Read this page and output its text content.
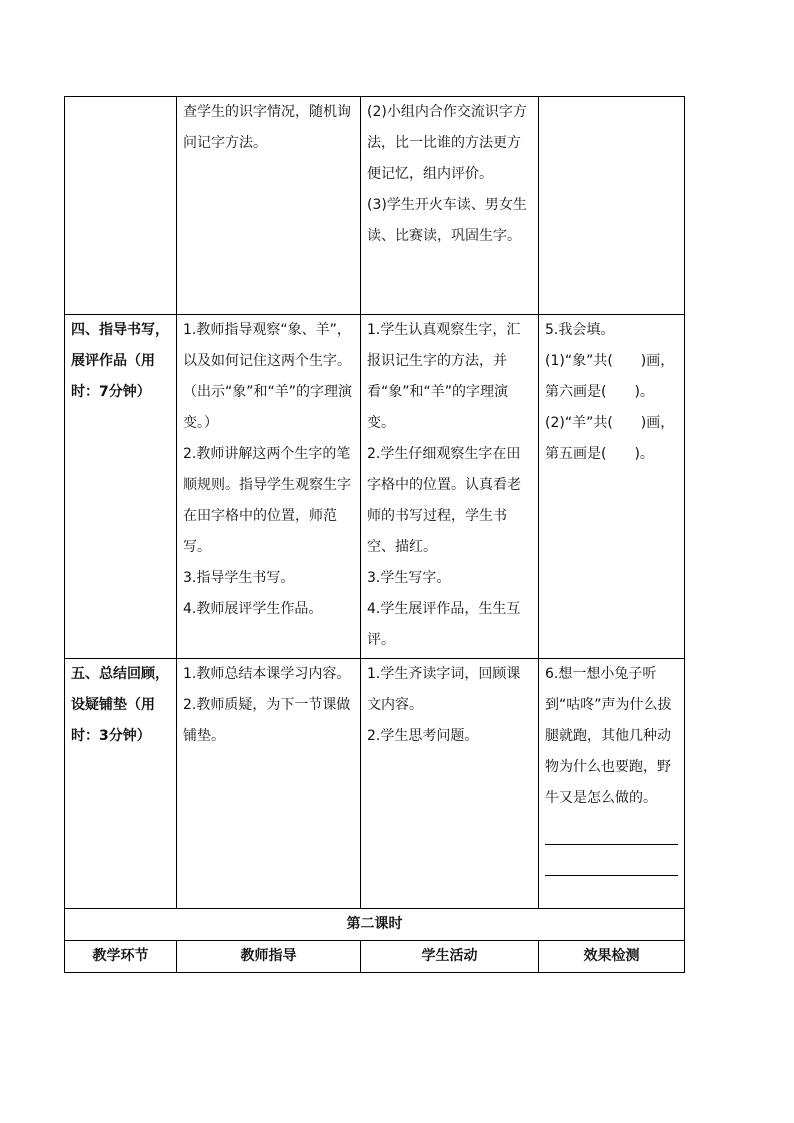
	查学生的识字情况，随机询问记字方法。	(2)小组内合作交流识字方法，比一比谁的方法更方便记忆，组内评价。
(3)学生开火车读、男女生读、比赛读，巩固生字。	

四、指导书写，展评作品（用时：7分钟）	1.教师指导观察“象、羊”，以及如何记住这两个生字。（出示“象”和“羊”的字理演变。）
2.教师讲解这两个生字的笔顺规则。指导学生观察生字在田字格中的位置，师范写。
3.指导学生书写。
4.教师展评学生作品。	1.学生认真观察生字，汇报识记生字的方法，并看“象”和“羊”的字理演变。
2.学生仔细观察生字在田字格中的位置。认真看老师的书写过程，学生书空、描红。
3.学生写字。
4.学生展评作品，生生互评。	5.我会填。
(1)“象”共(　　)画，第六画是(　　)。(2)“羊”共(　　)画，第五画是(　　)。

五、总结回顾，设疑铺垫（用时：3分钟）	1.教师总结本课学习内容。
2.教师质疑，为下一节课做铺垫。	1.学生齐读字词，回顾课文内容。
2.学生思考问题。	6.想一想小兔子听到“咕咚”声为什么拔腿就跑，其他几种动物为什么也要跑，野牛又是怎么做的。

第二课时			
教学环节	教师指导	学生活动	效果检测
